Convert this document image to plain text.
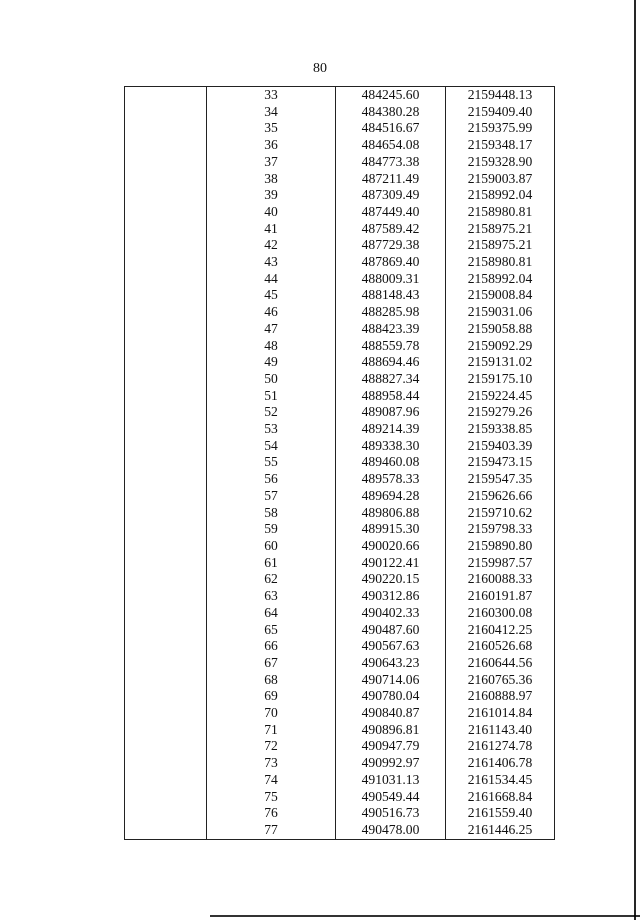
80
	33	484245.60	2159448.13
	34	484380.28	2159409.40
	35	484516.67	2159375.99
	36	484654.08	2159348.17
	37	484773.38	2159328.90
	38	487211.49	2159003.87
	39	487309.49	2158992.04
	40	487449.40	2158980.81
	41	487589.42	2158975.21
	42	487729.38	2158975.21
	43	487869.40	2158980.81
	44	488009.31	2158992.04
	45	488148.43	2159008.84
	46	488285.98	2159031.06
	47	488423.39	2159058.88
	48	488559.78	2159092.29
	49	488694.46	2159131.02
	50	488827.34	2159175.10
	51	488958.44	2159224.45
	52	489087.96	2159279.26
	53	489214.39	2159338.85
	54	489338.30	2159403.39
	55	489460.08	2159473.15
	56	489578.33	2159547.35
	57	489694.28	2159626.66
	58	489806.88	2159710.62
	59	489915.30	2159798.33
	60	490020.66	2159890.80
	61	490122.41	2159987.57
	62	490220.15	2160088.33
	63	490312.86	2160191.87
	64	490402.33	2160300.08
	65	490487.60	2160412.25
	66	490567.63	2160526.68
	67	490643.23	2160644.56
	68	490714.06	2160765.36
	69	490780.04	2160888.97
	70	490840.87	2161014.84
	71	490896.81	2161143.40
	72	490947.79	2161274.78
	73	490992.97	2161406.78
	74	491031.13	2161534.45
	75	490549.44	2161668.84
	76	490516.73	2161559.40
	77	490478.00	2161446.25
